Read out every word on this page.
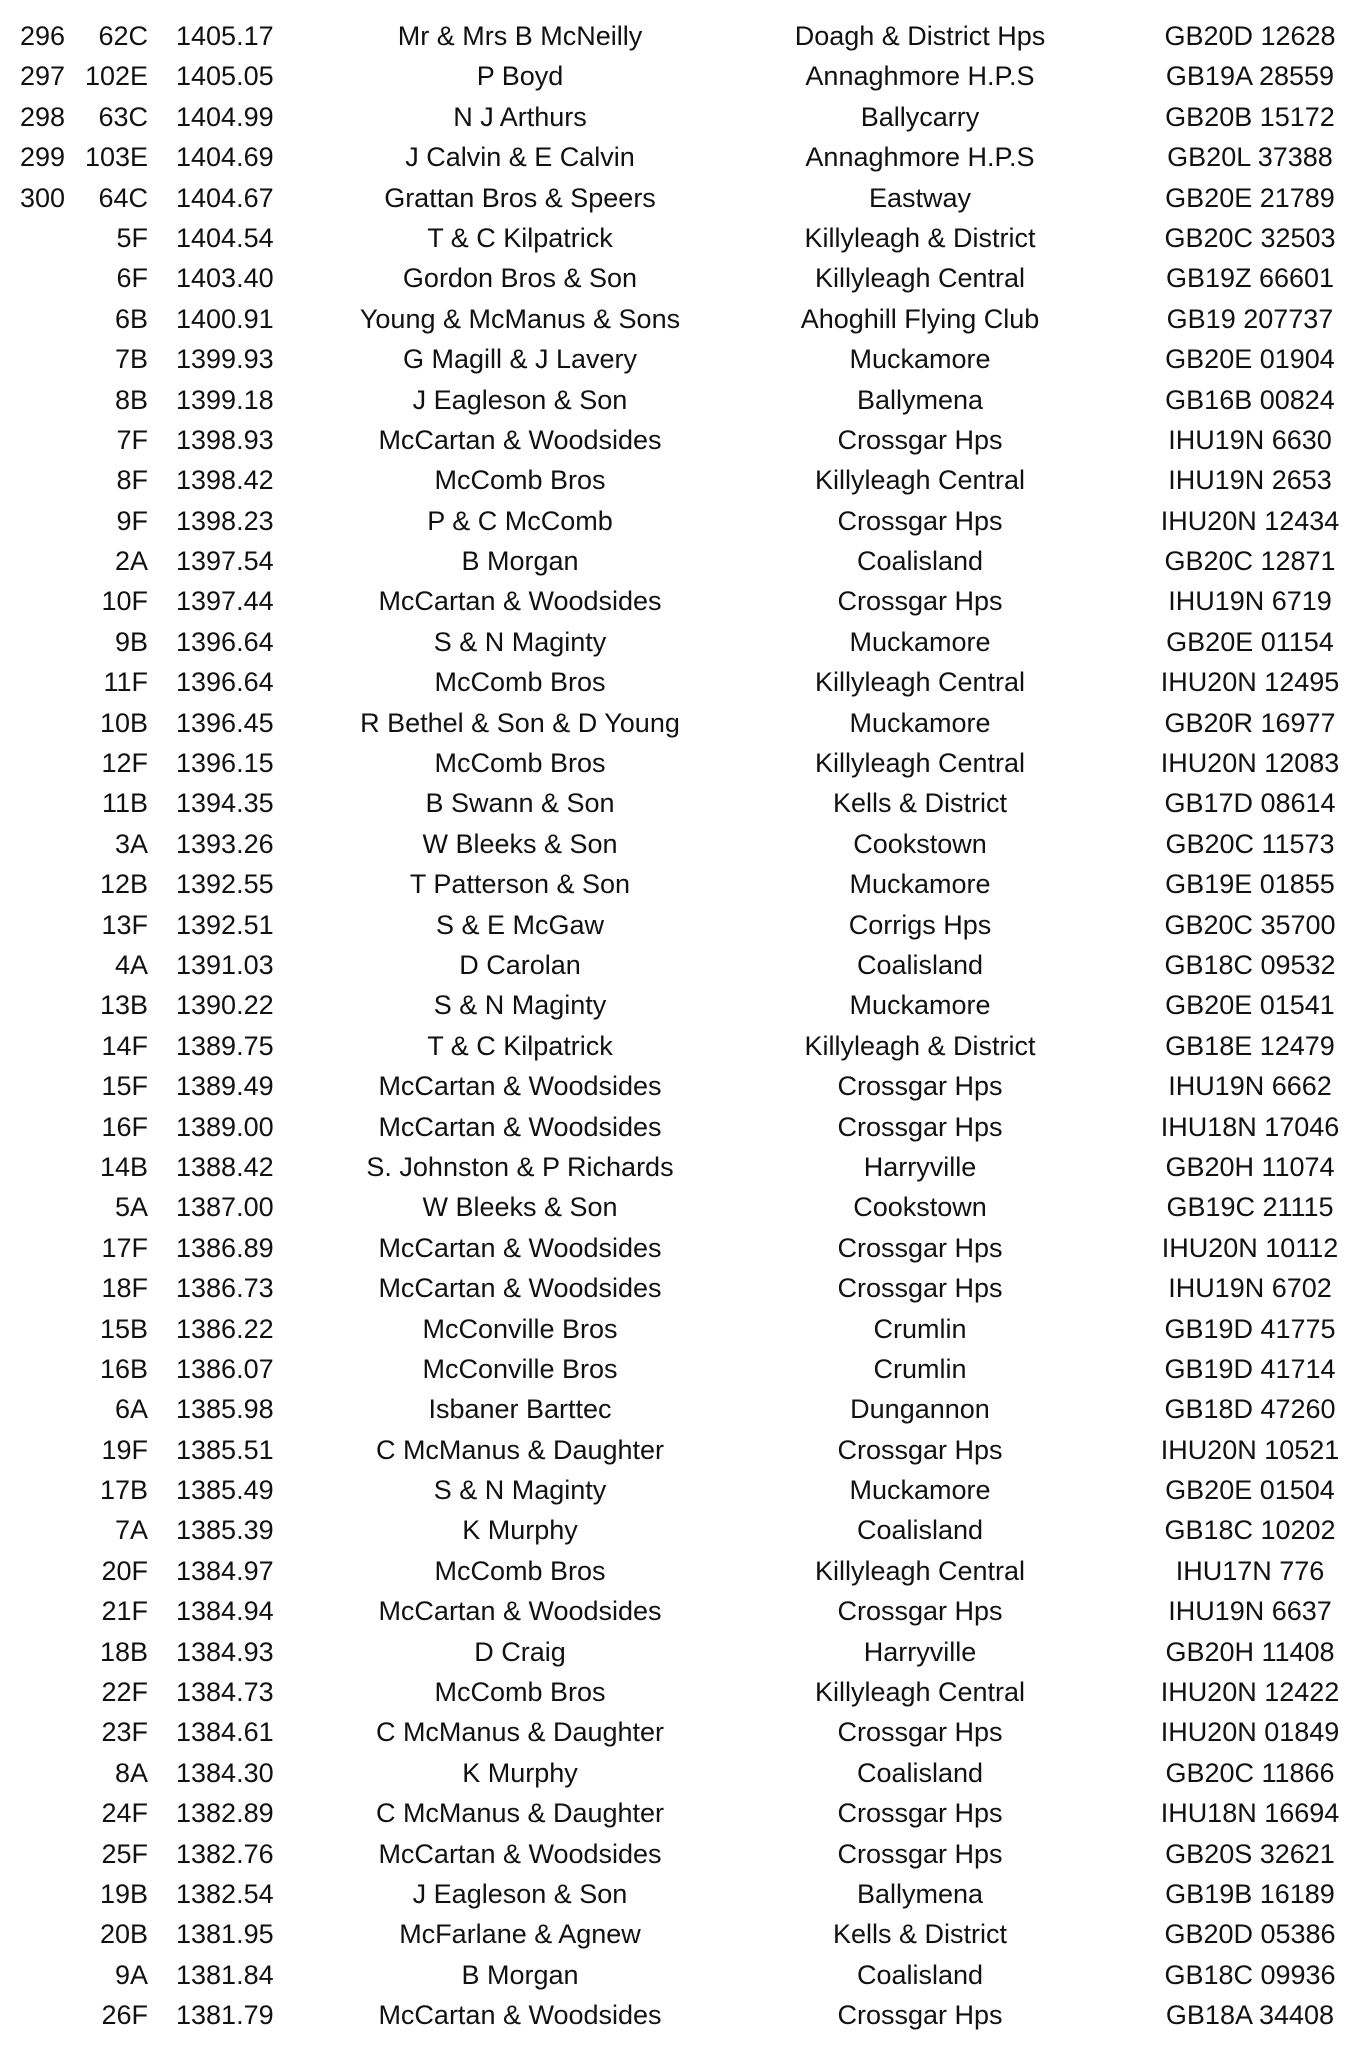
296	62C 1405.17	Mr & Mrs B McNeilly	Doagh & District Hps	GB20D 12628
297 102E 1405.05	P Boyd	Annaghmore H.P.S	GB19A 28559
298	63C 1404.99	N J Arthurs	Ballycarry	GB20B 15172
299 103E 1404.69	J Calvin & E Calvin	Annaghmore H.P.S	GB20L 37388
300	64C 1404.67	Grattan Bros & Speers	Eastway	GB20E 21789
5F 1404.54	T & C Kilpatrick	Killyleagh & District	GB20C 32503
6F 1403.40	Gordon Bros & Son	Killyleagh Central	GB19Z 66601
6B 1400.91	Young & McManus & Sons	Ahoghill Flying Club	GB19 207737
7B 1399.93	G Magill & J Lavery	Muckamore	GB20E 01904
8B 1399.18	J Eagleson & Son	Ballymena	GB16B 00824
7F 1398.93	McCartan & Woodsides	Crossgar Hps	IHU19N 6630
8F 1398.42	McComb Bros	Killyleagh Central	IHU19N 2653
9F 1398.23	P & C McComb	Crossgar Hps	IHU20N 12434
2A 1397.54	B Morgan	Coalisland	GB20C 12871
10F 1397.44	McCartan & Woodsides	Crossgar Hps	IHU19N 6719
9B 1396.64	S & N Maginty	Muckamore	GB20E 01154
11F 1396.64	McComb Bros	Killyleagh Central	IHU20N 12495
10B 1396.45	R Bethel & Son & D Young	Muckamore	GB20R 16977
12F 1396.15	McComb Bros	Killyleagh Central	IHU20N 12083
11B 1394.35	B Swann & Son	Kells & District	GB17D 08614
3A 1393.26	W Bleeks & Son	Cookstown	GB20C 11573
12B 1392.55	T Patterson & Son	Muckamore	GB19E 01855
13F 1392.51	S & E McGaw	Corrigs Hps	GB20C 35700
4A 1391.03	D Carolan	Coalisland	GB18C 09532
13B 1390.22	S & N Maginty	Muckamore	GB20E 01541
14F 1389.75	T & C Kilpatrick	Killyleagh & District	GB18E 12479
15F 1389.49	McCartan & Woodsides	Crossgar Hps	IHU19N 6662
16F 1389.00	McCartan & Woodsides	Crossgar Hps	IHU18N 17046
14B 1388.42	S. Johnston & P Richards	Harryville	GB20H 11074
5A 1387.00	W Bleeks & Son	Cookstown	GB19C 21115
17F 1386.89	McCartan & Woodsides	Crossgar Hps	IHU20N 10112
18F 1386.73	McCartan & Woodsides	Crossgar Hps	IHU19N 6702
15B 1386.22	McConville Bros	Crumlin	GB19D 41775
16B 1386.07	McConville Bros	Crumlin	GB19D 41714
6A 1385.98	Isbaner Barttec	Dungannon	GB18D 47260
19F 1385.51	C McManus & Daughter	Crossgar Hps	IHU20N 10521
17B 1385.49	S & N Maginty	Muckamore	GB20E 01504
7A 1385.39	K Murphy	Coalisland	GB18C 10202
20F 1384.97	McComb Bros	Killyleagh Central	IHU17N 776
21F 1384.94	McCartan & Woodsides	Crossgar Hps	IHU19N 6637
18B 1384.93	D Craig	Harryville	GB20H 11408
22F 1384.73	McComb Bros	Killyleagh Central	IHU20N 12422
23F 1384.61	C McManus & Daughter	Crossgar Hps	IHU20N 01849
8A 1384.30	K Murphy	Coalisland	GB20C 11866
24F 1382.89	C McManus & Daughter	Crossgar Hps	IHU18N 16694
25F 1382.76	McCartan & Woodsides	Crossgar Hps	GB20S 32621
19B 1382.54	J Eagleson & Son	Ballymena	GB19B 16189
20B 1381.95	McFarlane & Agnew	Kells & District	GB20D 05386
9A 1381.84	B Morgan	Coalisland	GB18C 09936
26F 1381.79	McCartan & Woodsides	Crossgar Hps	GB18A 34408
